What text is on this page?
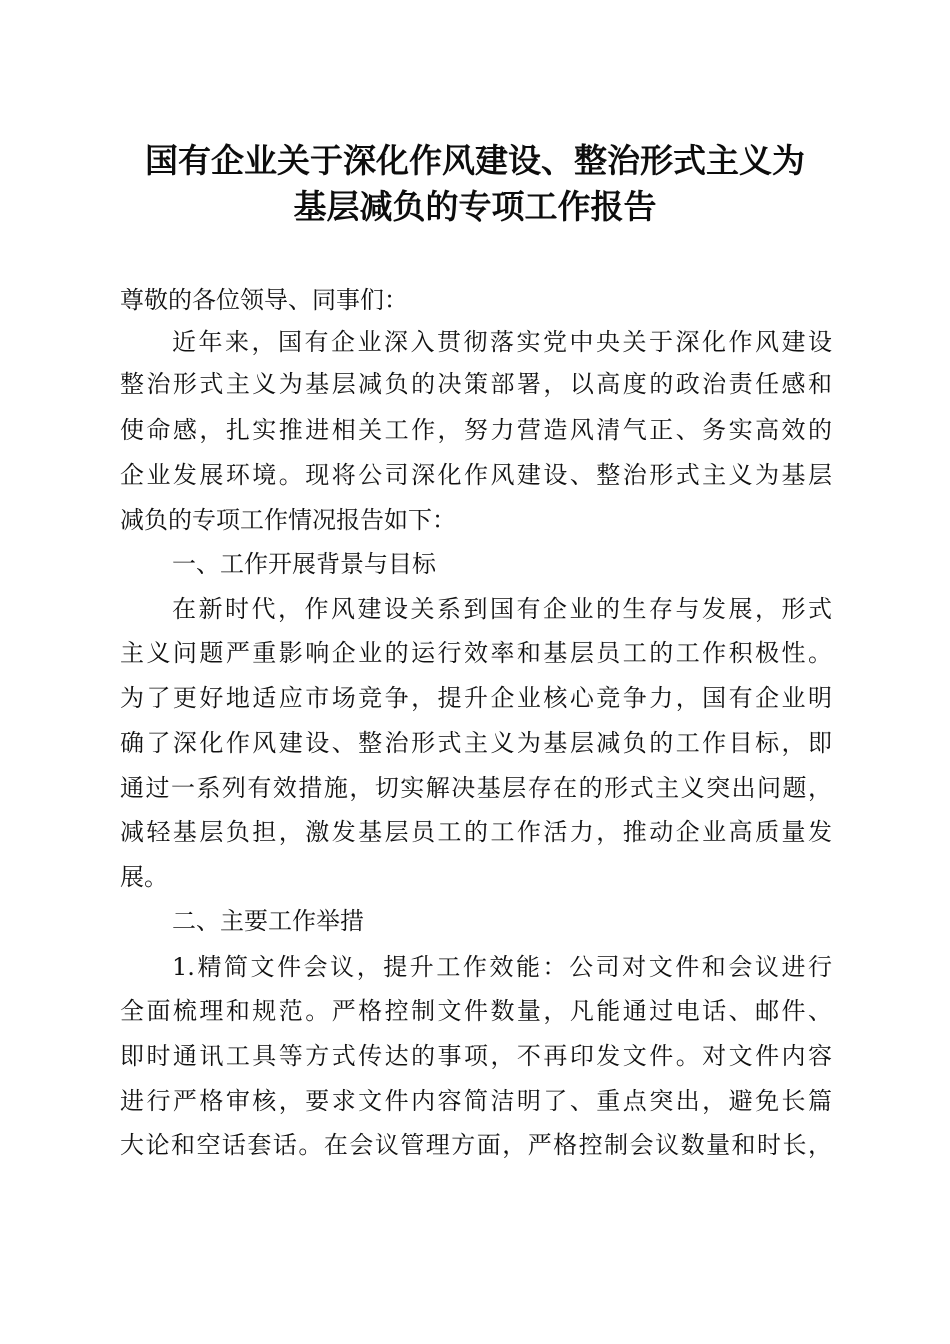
国有企业关于深化作风建设、整治形式主义为
基层减负的专项工作报告
尊敬的各位领导、同事们：
近年来，国有企业深入贯彻落实党中央关于深化作风建设
整治形式主义为基层减负的决策部署，以高度的政治责任感和
使命感，扎实推进相关工作，努力营造风清气正、务实高效的
企业发展环境。现将公司深化作风建设、整治形式主义为基层
减负的专项工作情况报告如下：
一、工作开展背景与目标
在新时代，作风建设关系到国有企业的生存与发展，形式
主义问题严重影响企业的运行效率和基层员工的工作积极性。
为了更好地适应市场竞争，提升企业核心竞争力，国有企业明
确了深化作风建设、整治形式主义为基层减负的工作目标，即
通过一系列有效措施，切实解决基层存在的形式主义突出问题，
减轻基层负担，激发基层员工的工作活力，推动企业高质量发
展。
二、主要工作举措
1.精简文件会议，提升工作效能：公司对文件和会议进行
全面梳理和规范。严格控制文件数量，凡能通过电话、邮件、
即时通讯工具等方式传达的事项，不再印发文件。对文件内容
进行严格审核，要求文件内容简洁明了、重点突出，避免长篇
大论和空话套话。在会议管理方面，严格控制会议数量和时长，
